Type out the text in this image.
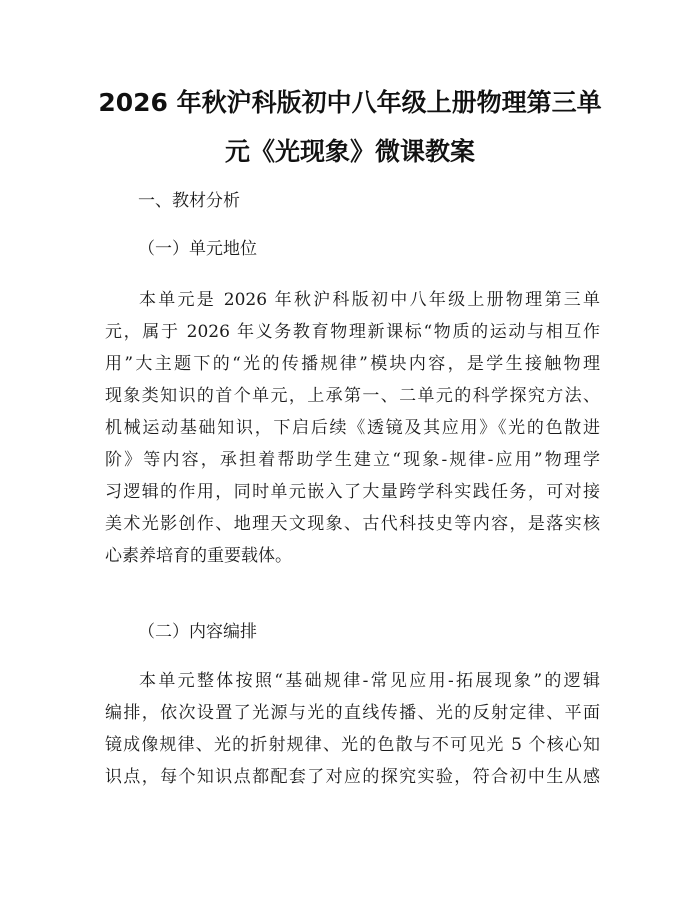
2026 年秋沪科版初中八年级上册物理第三单
元《光现象》微课教案
一、教材分析
（一）单元地位
本单元是 2026 年秋沪科版初中八年级上册物理第三单
元，属于 2026 年义务教育物理新课标“物质的运动与相互作
用”大主题下的“光的传播规律”模块内容，是学生接触物理
现象类知识的首个单元，上承第一、二单元的科学探究方法、
机械运动基础知识，下启后续《透镜及其应用》《光的色散进
阶》等内容，承担着帮助学生建立“现象-规律-应用”物理学
习逻辑的作用，同时单元嵌入了大量跨学科实践任务，可对接
美术光影创作、地理天文现象、古代科技史等内容，是落实核
心素养培育的重要载体。
（二）内容编排
本单元整体按照“基础规律-常见应用-拓展现象”的逻辑
编排，依次设置了光源与光的直线传播、光的反射定律、平面
镜成像规律、光的折射规律、光的色散与不可见光 5 个核心知
识点，每个知识点都配套了对应的探究实验，符合初中生从感
